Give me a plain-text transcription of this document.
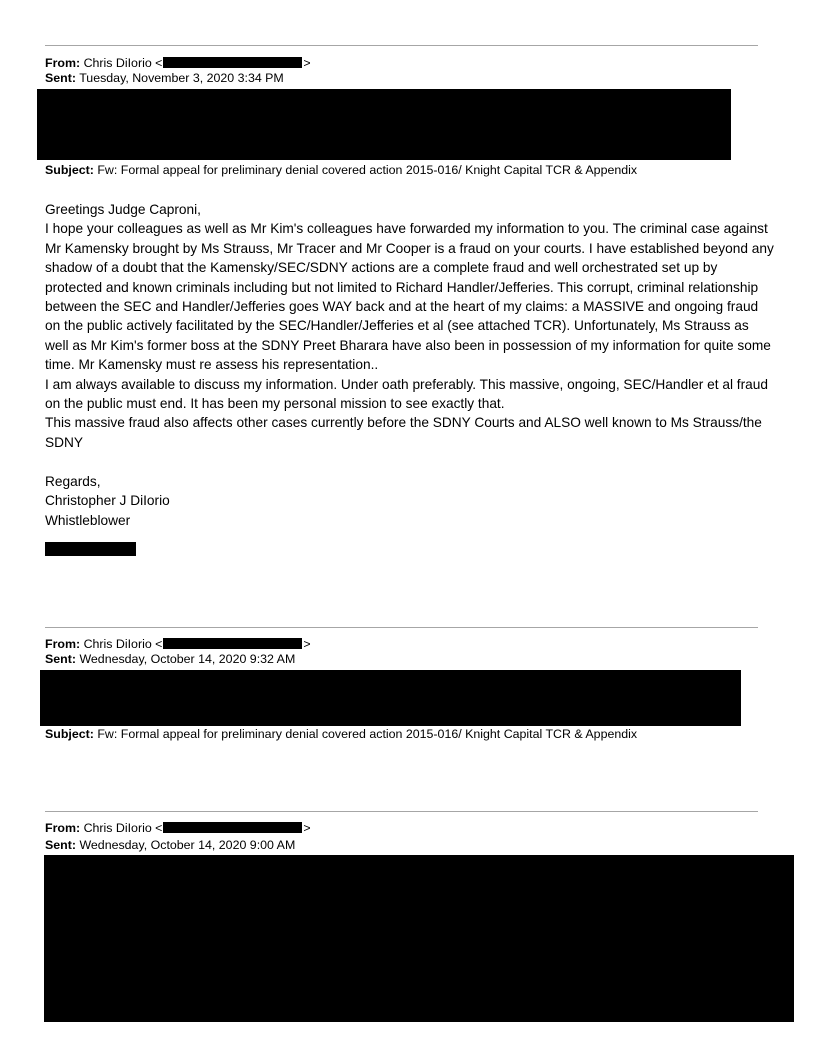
From: Chris DiIorio <	>
Sent: Tuesday, November 3, 2020 3:34 PM
Subject: Fw: Formal appeal for preliminary denial covered action 2015-016/ Knight Capital TCR & Appendix

Greetings Judge Caproni,

I hope your colleagues as well as Mr Kim's colleagues have forwarded my information to you. The criminal case against Mr Kamensky brought by Ms Strauss, Mr Tracer and Mr Cooper is a fraud on your courts. I have established beyond any shadow of a doubt that the Kamensky/SEC/SDNY actions are a complete fraud and well orchestrated set up by protected and known criminals including but not limited to Richard Handler/Jefferies. This corrupt, criminal relationship between the SEC and Handler/Jefferies goes WAY back and at the heart of my claims: a MASSIVE and ongoing fraud on the public actively facilitated by the SEC/Handler/Jefferies et al (see attached TCR). Unfortunately, Ms Strauss as well as Mr Kim's former boss at the SDNY Preet Bharara have also been in possession of my information for quite some time. Mr Kamensky must re assess his representation..

I am always available to discuss my information. Under oath preferably. This massive, ongoing, SEC/Handler et al fraud on the public must end. It has been my personal mission to see exactly that.

This massive fraud also affects other cases currently before the SDNY Courts and ALSO well known to Ms Strauss/the SDNY

Regards,

Christopher J DiIorio

Whistleblower

From: Chris DiIorio <	>
Sent: Wednesday, October 14, 2020 9:32 AM
Subject: Fw: Formal appeal for preliminary denial covered action 2015-016/ Knight Capital TCR & Appendix
From: Chris DiIorio <	>
Sent: Wednesday, October 14, 2020 9:00 AM
